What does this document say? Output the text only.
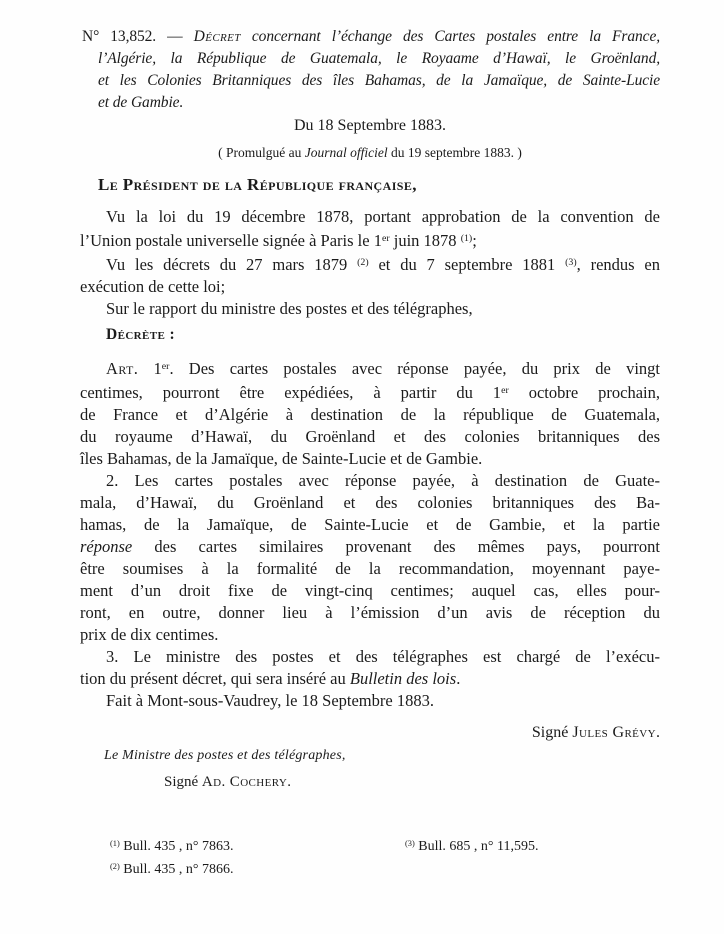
N° 13,852. — Décret concernant l’échange des Cartes postales entre la France,
l’Algérie, la République de Guatemala, le Royaame d’Hawaï, le Groënland,
et les Colonies Britanniques des îles Bahamas, de la Jamaïque, de Sainte-Lucie
et de Gambie.

Du 18 Septembre 1883.
( Promulgué au Journal officiel du 19 septembre 1883. )
Le Président de la République française,
Vu la loi du 19 décembre 1878, portant approbation de la convention de
l’Union postale universelle signée à Paris le 1er juin 1878 $^{(1)}$;
Vu les décrets du 27 mars 1879 $^{(2)}$ et du 7 septembre 1881 $^{(3)}$, rendus en
exécution de cette loi;
Sur le rapport du ministre des postes et des télégraphes,
Décrète :
Art. 1er. Des cartes postales avec réponse payée, du prix de vingt
centimes, pourront être expédiées, à partir du 1er octobre prochain,
de France et d’Algérie à destination de la république de Guatemala,
du royaume d’Hawaï, du Groënland et des colonies britanniques des
îles Bahamas, de la Jamaïque, de Sainte-Lucie et de Gambie.
2. Les cartes postales avec réponse payée, à destination de Guate-
mala, d’Hawaï, du Groënland et des colonies britanniques des Ba-
hamas, de la Jamaïque, de Sainte-Lucie et de Gambie, et la partie
réponse des cartes similaires provenant des mêmes pays, pourront
être soumises à la formalité de la recommandation, moyennant paye-
ment d’un droit fixe de vingt-cinq centimes; auquel cas, elles pour-
ront, en outre, donner lieu à l’émission d’un avis de réception du
prix de dix centimes.
3. Le ministre des postes et des télégraphes est chargé de l’exécu-
tion du présent décret, qui sera inséré au Bulletin des lois.
Fait à Mont-sous-Vaudrey, le 18 Septembre 1883.
Signé Jules Grévy.
Le Ministre des postes et des télégraphes,
Signé Ad. Cochery.
$^{(1)}$ Bull. 435 , n° 7863.
$^{(2)}$ Bull. 435 , n° 7866.
$^{(3)}$ Bull. 685 , n° 11,595.
